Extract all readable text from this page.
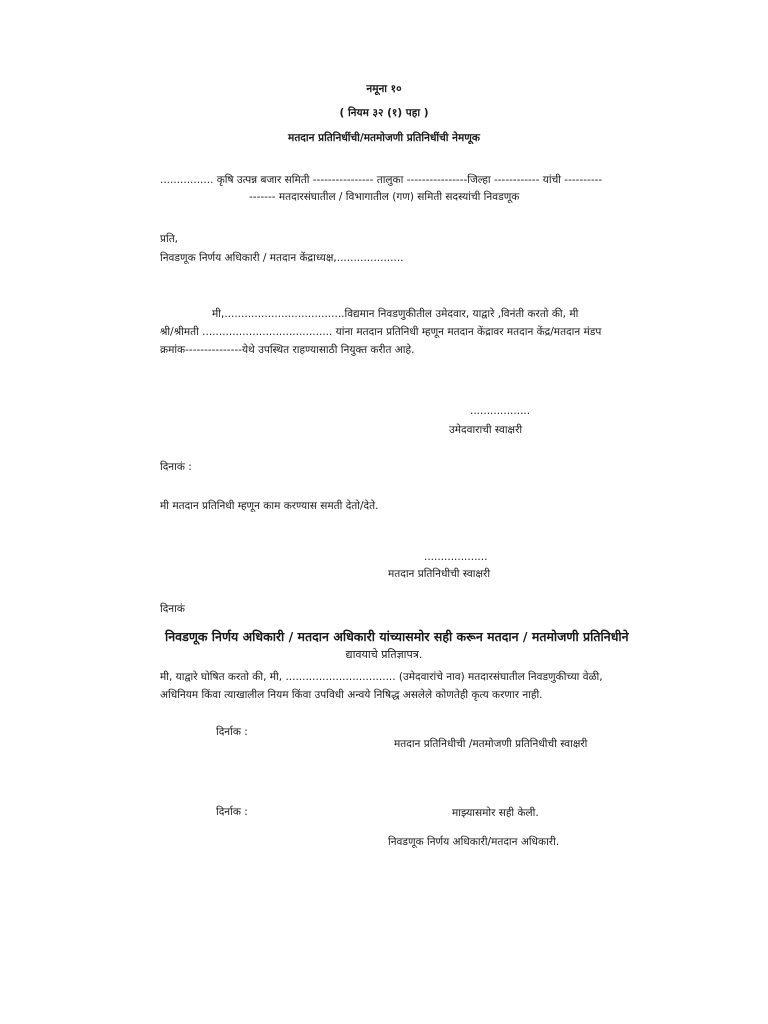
नमूना १०
( नियम ३२ (१) पहा )
मतदान प्रतिनिधींची/मतमोजणी प्रतिनिधींची नेमणूक
................ कृषि उत्पन्न बजार समिती ---------------- तालुका ----------------जिल्हा ------------ यांची ----------
------- मतदारसंघातील / विभागातील (गण) समिती सदस्यांची निवडणूक
प्रति,
निवडणूक निर्णय अधिकारी / मतदान केंद्राध्यक्ष,....................
मी,....................................विद्यमान निवडणुकीतील उमेदवार, याद्वारे ,विनंती करतो की, मी
श्री/श्रीमती ....................................... यांना मतदान प्रतिनिधी म्हणून मतदान केंद्रावर मतदान केंद्र/मतदान मंडप
क्रमांक---------------येथे उपस्थित राहण्यासाठी नियुक्त करीत आहे.
..................
उमेदवाराची स्वाक्षरी
दिनाकं :
मी मतदान प्रतिनिधी म्हणून काम करण्यास समती देतो/देते.
...................
मतदान प्रतिनिधीची स्वाक्षरी
दिनाकं
निवडणूक निर्णय अधिकारी / मतदान अधिकारी यांच्यासमोर सही करून मतदान / मतमोजणी प्रतिनिधीने
द्यावयाचे प्रतिज्ञापत्र.
मी, याद्वारे घोषित करतो की, मी, ................................. (उमेदवारांचे नाव) मतदारसंघातील निवडणुकीच्या वेळी,
अधिनियम किंवा त्याखालील नियम किंवा उपविधी अन्वये निषिद्ध असलेले कोणतेही कृत्य करणार नाही.
दिर्नाक :
मतदान प्रतिनिधीची /मतमोजणी प्रतिनिधीची स्वाक्षरी
दिर्नाक :	माझ्यासमोर सही केली.
निवडणूक निर्णय अधिकारी/मतदान अधिकारी.
